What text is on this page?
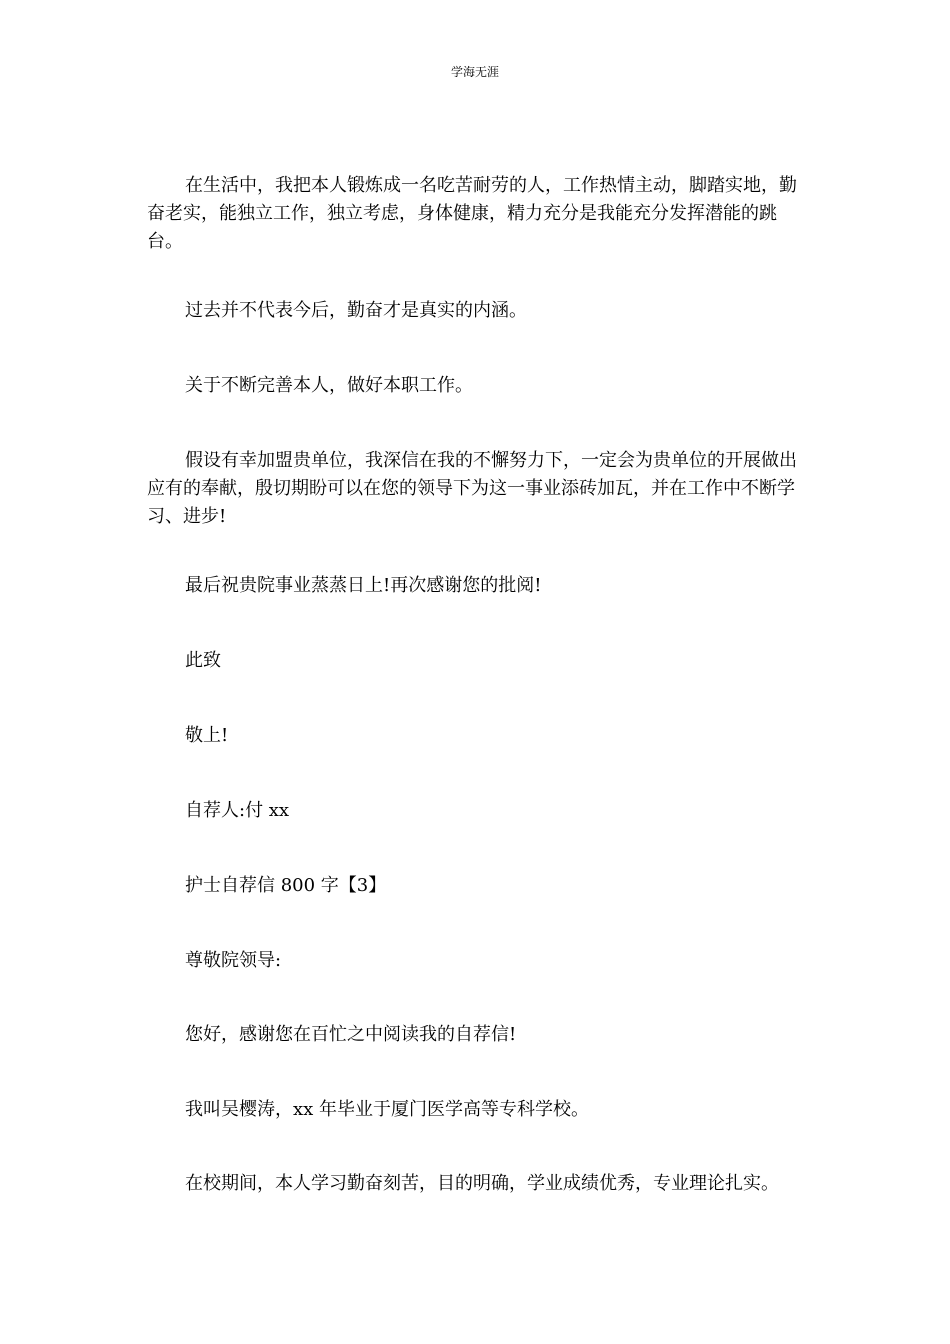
学海无涯

在生活中，我把本人锻炼成一名吃苦耐劳的人，工作热情主动，脚踏实地，勤奋老实，能独立工作，独立考虑，身体健康，精力充分是我能充分发挥潜能的跳台。

过去并不代表今后，勤奋才是真实的内涵。

关于不断完善本人，做好本职工作。

假设有幸加盟贵单位，我深信在我的不懈努力下，一定会为贵单位的开展做出应有的奉献，殷切期盼可以在您的领导下为这一事业添砖加瓦，并在工作中不断学习、进步!

最后祝贵院事业蒸蒸日上!再次感谢您的批阅!

此致

敬上!

自荐人:付 xx

护士自荐信 800 字【3】

尊敬院领导:

您好，感谢您在百忙之中阅读我的自荐信!

我叫吴樱涛，xx 年毕业于厦门医学高等专科学校。

在校期间，本人学习勤奋刻苦，目的明确，学业成绩优秀，专业理论扎实。
